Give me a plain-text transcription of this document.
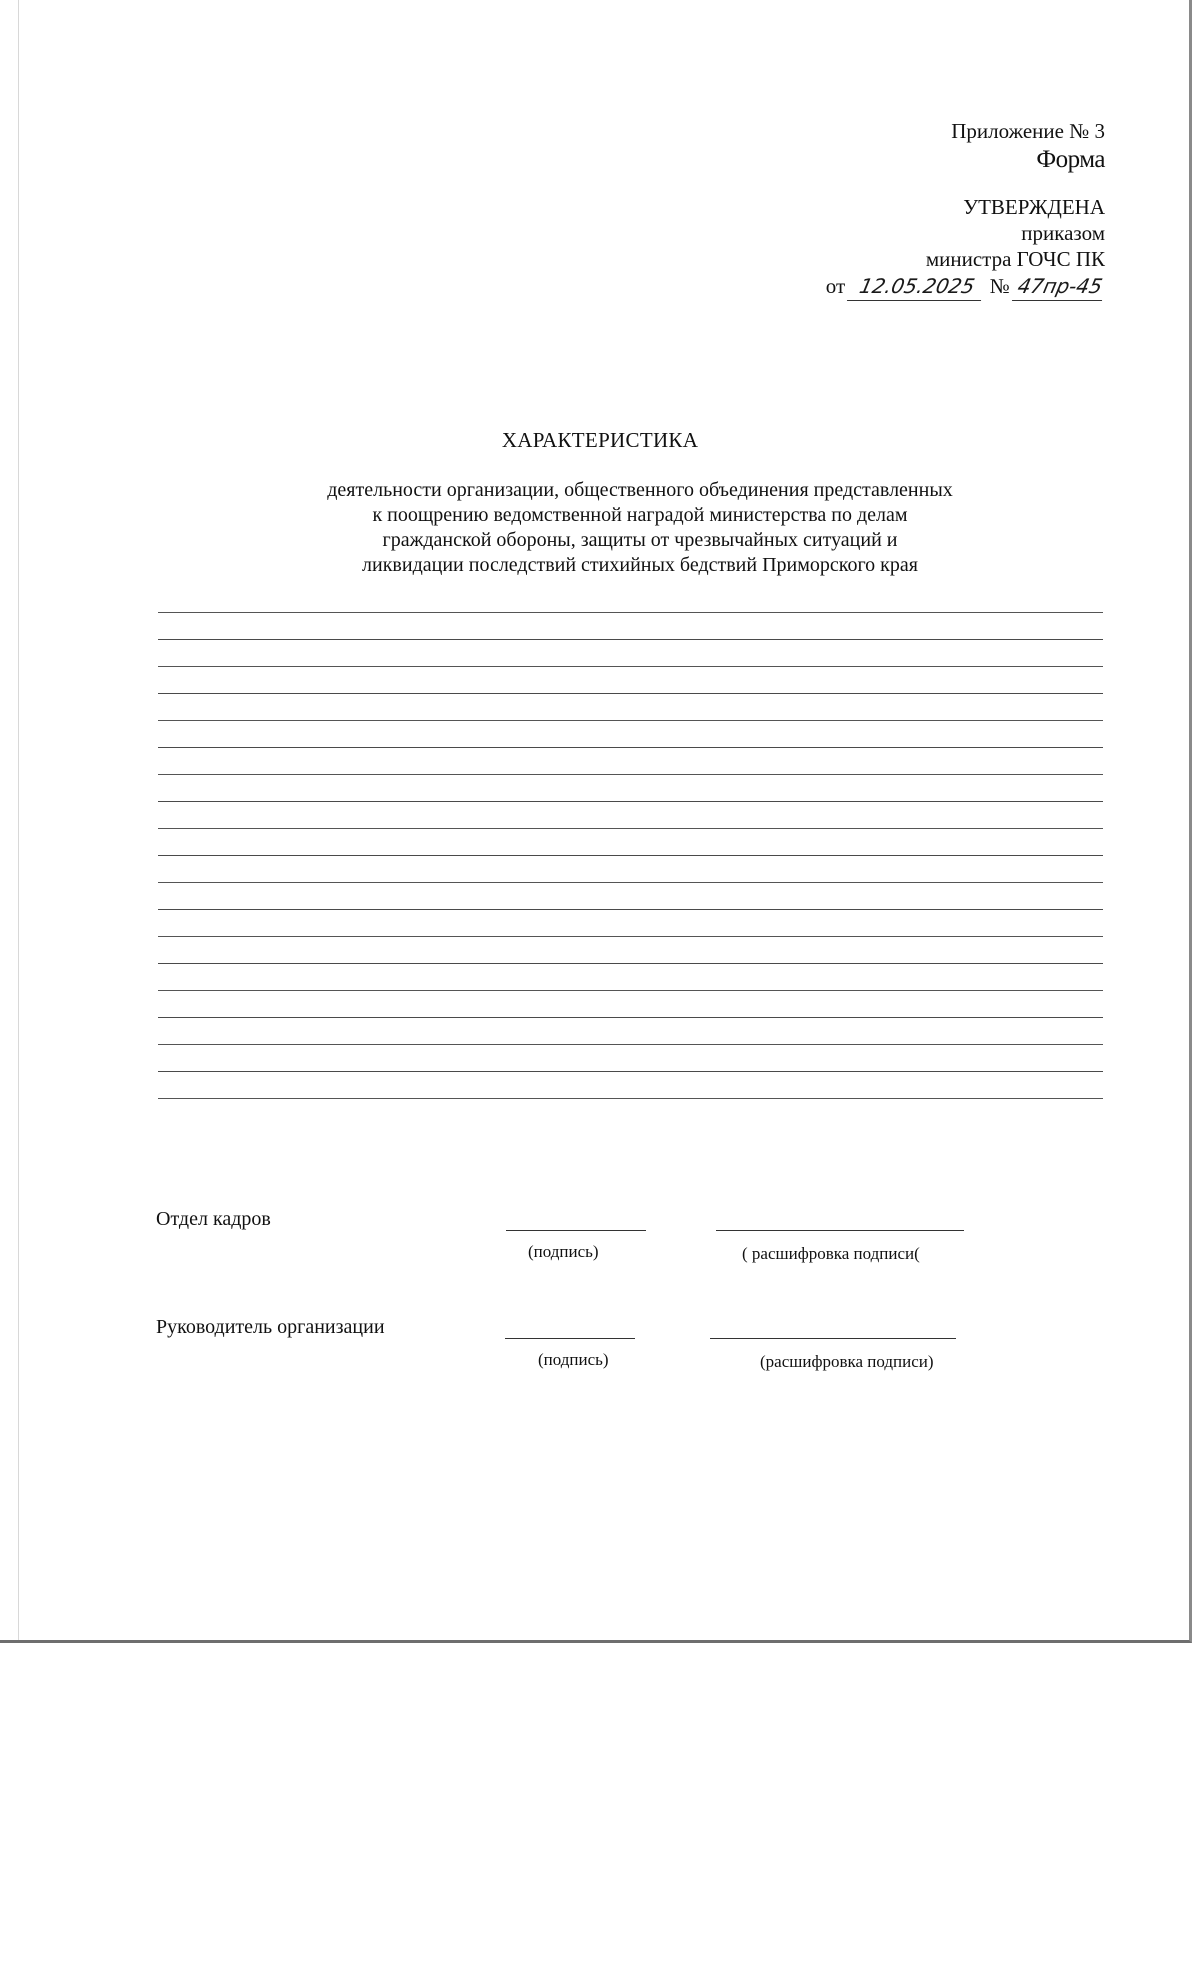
Приложение № 3
Форма
УТВЕРЖДЕНА
приказом
министра ГОЧС ПК
от 12.05.2025 № 47пр-45
ХАРАКТЕРИСТИКА
деятельности организации, общественного объединения представленных
к поощрению ведомственной наградой министерства по делам
гражданской обороны, защиты от чрезвычайных ситуаций и
ликвидации последствий стихийных бедствий Приморского края
Отдел кадров
(подпись)	( расшифровка подписи(
Руководитель организации
(подпись)	(расшифровка подписи)
